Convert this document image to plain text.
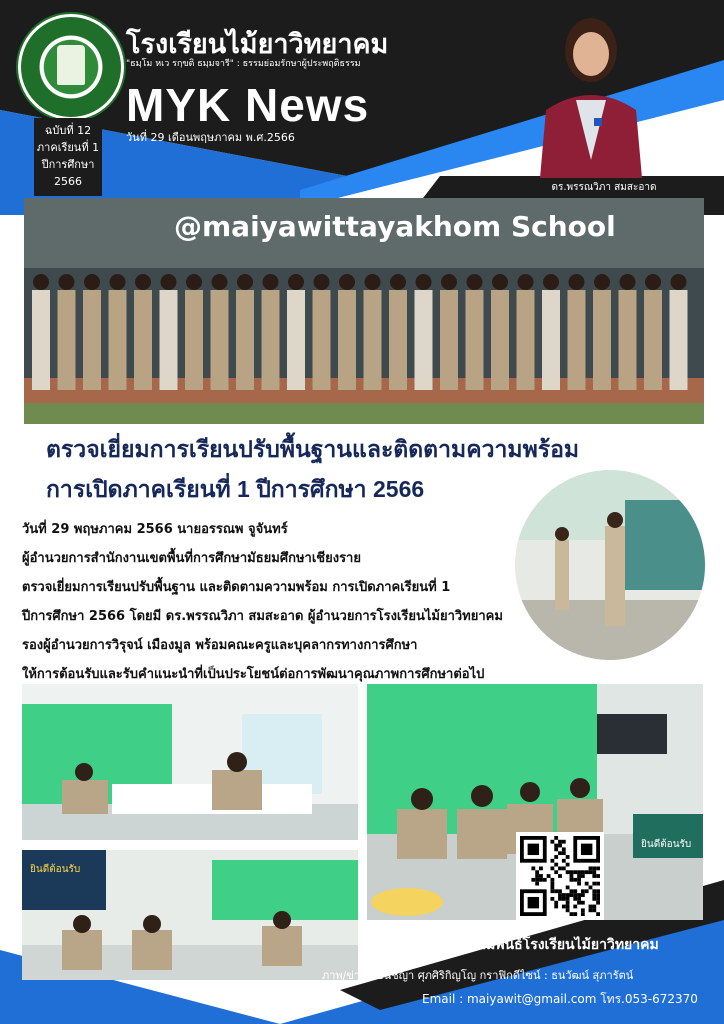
ฉบับที่ 12
ภาคเรียนที่ 1
ปีการศึกษา
2566
โรงเรียนไม้ยาวิทยาคม
"ธมฺโม หเว รกฺขติ ธมฺมจารี" : ธรรมย่อมรักษาผู้ประพฤติธรรม
MYK News
วันที่ 29 เดือนพฤษภาคม พ.ศ.2566
ดร.พรรณวิภา สมสะอาด
@maiyawittayakhom School
ตรวจเยี่ยมการเรียนปรับพื้นฐานและติดตามความพร้อม
การเปิดภาคเรียนที่ 1 ปีการศึกษา 2566
วันที่ 29 พฤษภาคม 2566 นายอรรณพ จูจันทร์
ผู้อำนวยการสำนักงานเขตพื้นที่การศึกษามัธยมศึกษาเชียงราย
ตรวจเยี่ยมการเรียนปรับพื้นฐาน และติดตามความพร้อม การเปิดภาคเรียนที่ 1
ปีการศึกษา 2566 โดยมี ดร.พรรณวิภา สมสะอาด ผู้อำนวยการโรงเรียนไม้ยาวิทยาคม
รองผู้อำนวยการวิรุจน์ เมืองมูล พร้อมคณะครูและบุคลากรทางการศึกษา
ให้การต้อนรับและรับคำแนะนำที่เป็นประโยชน์ต่อการพัฒนาคุณภาพการศึกษาต่อไป
ยินดีต้อนรับ
ยินดีต้อนรับ
งานประชาสัมพันธ์โรงเรียนไม้ยาวิทยาคม
ภาพ/ข่าว : ธนัชญา ศุภศิริกิญโญ กราฟิกดีไซน์ : ธนวัฒน์ สุภารัตน์
Email : maiyawit@gmail.com โทร.053-672370
